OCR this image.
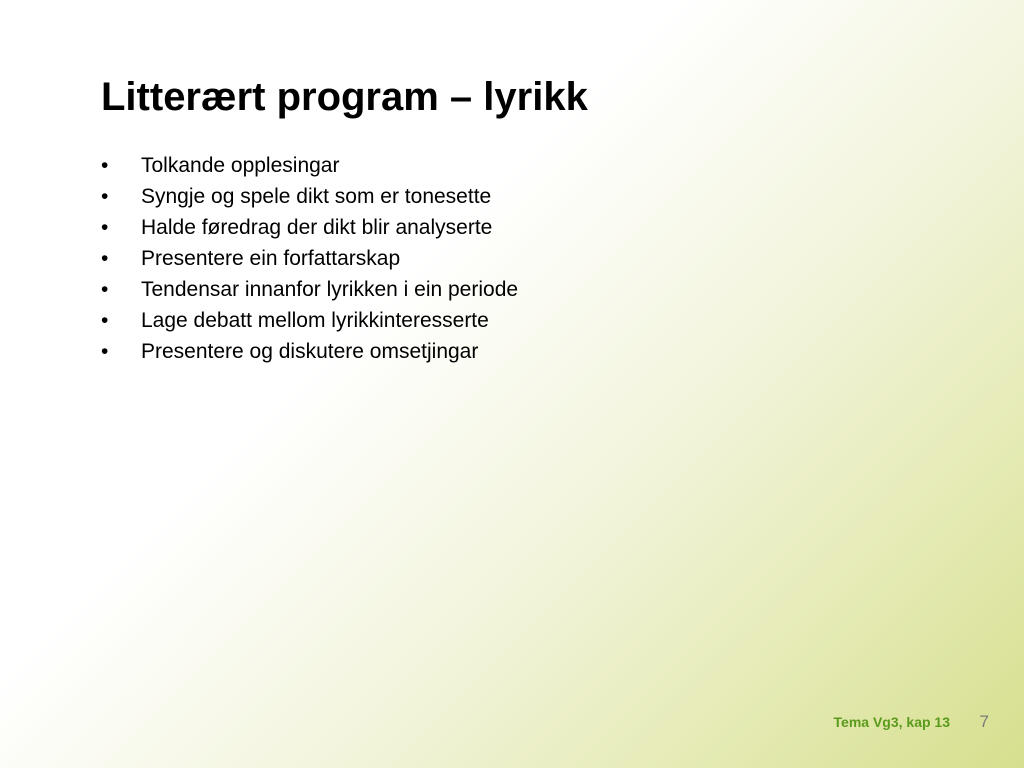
Litterært program – lyrikk
•	Tolkande opplesingar
•	Syngje og spele dikt som er tonesette
•	Halde føredrag der dikt blir analyserte
•	Presentere ein forfattarskap
•	Tendensar innanfor lyrikken i ein periode
•	Lage debatt mellom lyrikkinteresserte
•	Presentere og diskutere omsetjingar
Tema Vg3, kap 13 7
